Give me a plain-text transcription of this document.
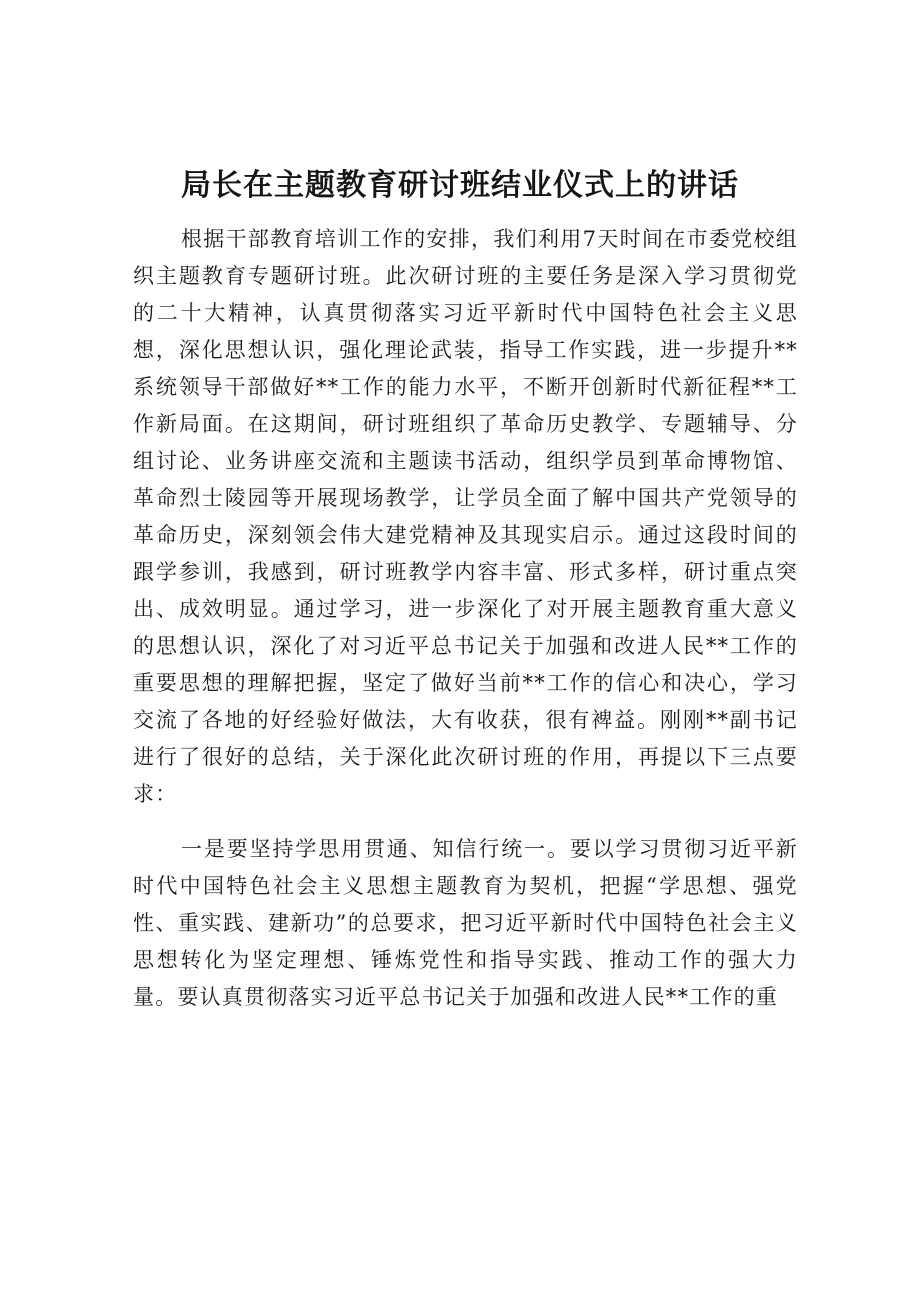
局长在主题教育研讨班结业仪式上的讲话

根据干部教育培训工作的安排，我们利用7天时间在市委党校组织主题教育专题研讨班。此次研讨班的主要任务是深入学习贯彻党的二十大精神，认真贯彻落实习近平新时代中国特色社会主义思想，深化思想认识，强化理论武装，指导工作实践，进一步提升**系统领导干部做好**工作的能力水平，不断开创新时代新征程**工作新局面。在这期间，研讨班组织了革命历史教学、专题辅导、分组讨论、业务讲座交流和主题读书活动，组织学员到革命博物馆、革命烈士陵园等开展现场教学，让学员全面了解中国共产党领导的革命历史，深刻领会伟大建党精神及其现实启示。通过这段时间的跟学参训，我感到，研讨班教学内容丰富、形式多样，研讨重点突出、成效明显。通过学习，进一步深化了对开展主题教育重大意义的思想认识，深化了对习近平总书记关于加强和改进人民**工作的重要思想的理解把握，坚定了做好当前**工作的信心和决心，学习交流了各地的好经验好做法，大有收获，很有裨益。刚刚**副书记进行了很好的总结，关于深化此次研讨班的作用，再提以下三点要求：

一是要坚持学思用贯通、知信行统一。要以学习贯彻习近平新时代中国特色社会主义思想主题教育为契机，把握“学思想、强党性、重实践、建新功”的总要求，把习近平新时代中国特色社会主义思想转化为坚定理想、锤炼党性和指导实践、推动工作的强大力量。要认真贯彻落实习近平总书记关于加强和改进人民**工作的重
